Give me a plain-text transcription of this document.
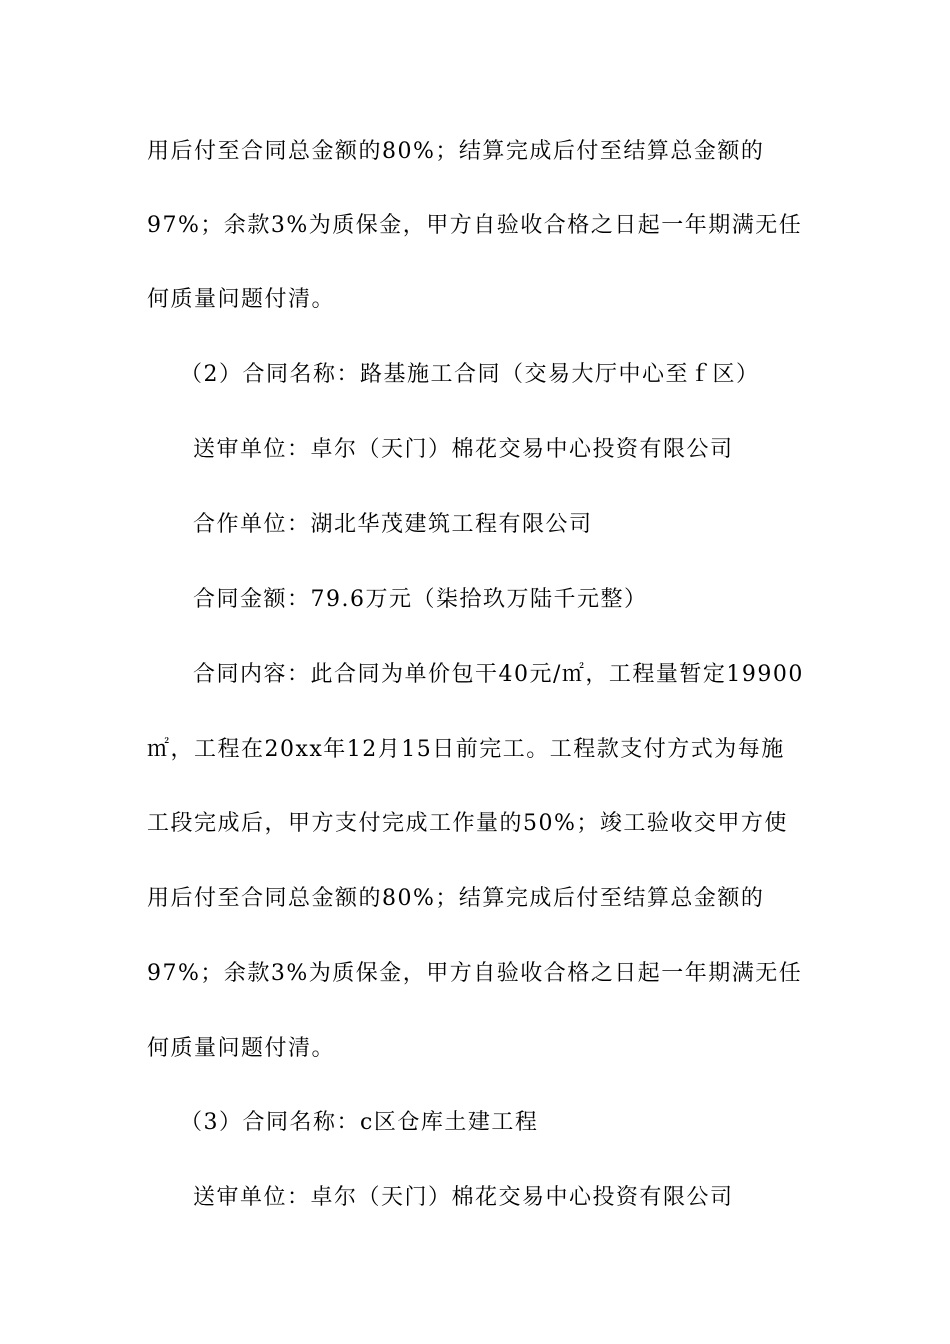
用后付至合同总金额的80%；结算完成后付至结算总金额的
97%；余款3%为质保金，甲方自验收合格之日起一年期满无任
何质量问题付清。
（2）合同名称：路基施工合同（交易大厅中心至ｆ区）
送审单位：卓尔（天门）棉花交易中心投资有限公司
合作单位：湖北华茂建筑工程有限公司
合同金额：79.6万元（柒拾玖万陆千元整）
合同内容：此合同为单价包干40元/㎡，工程量暂定19900
㎡，工程在20xx年12月15日前完工。工程款支付方式为每施
工段完成后，甲方支付完成工作量的50%；竣工验收交甲方使
用后付至合同总金额的80%；结算完成后付至结算总金额的
97%；余款3%为质保金，甲方自验收合格之日起一年期满无任
何质量问题付清。
（3）合同名称：c区仓库土建工程
送审单位：卓尔（天门）棉花交易中心投资有限公司
